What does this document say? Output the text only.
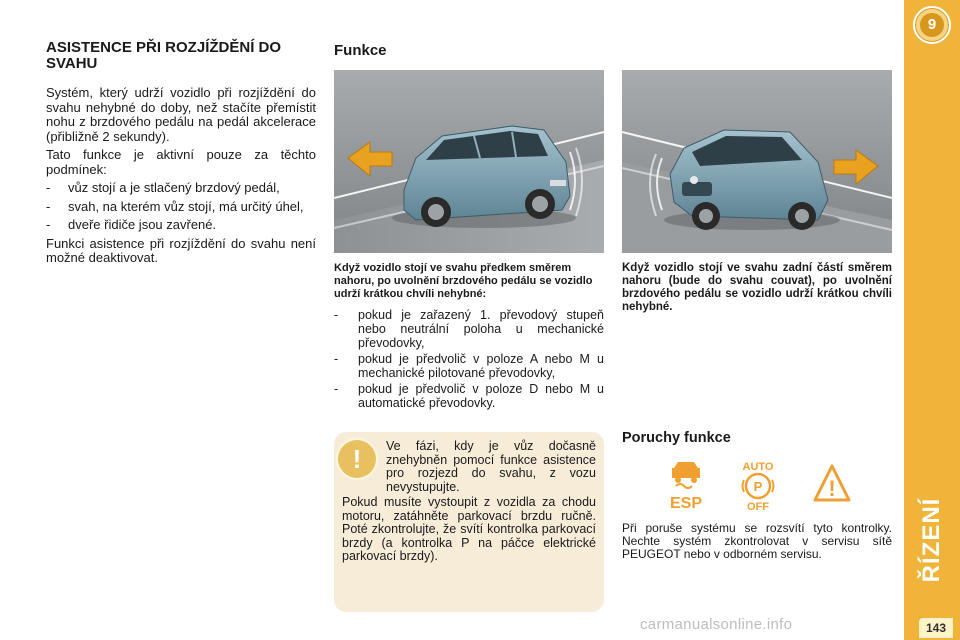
9
ŘÍZENÍ
143
ASISTENCE PŘI ROZJÍŽDĚNÍ DO SVAHU
Systém, který udrží vozidlo při rozjíždění do svahu nehybné do doby, než stačíte přemístit nohu z brzdového pedálu na pedál akcelerace (přibližně 2 sekundy).
Tato funkce je aktivní pouze za těchto podmínek:
-	vůz stojí a je stlačený brzdový pedál,
-	svah, na kterém vůz stojí, má určitý úhel,
-	dveře řidiče jsou zavřené.
Funkci asistence při rozjíždění do svahu není možné deaktivovat.
Funkce
Když vozidlo stojí ve svahu předkem směrem nahoru, po uvolnění brzdového pedálu se vozidlo udrží krátkou chvíli nehybné:
Když vozidlo stojí ve svahu zadní částí směrem nahoru (bude do svahu couvat), po uvolnění brzdového pedálu se vozidlo udrží krátkou chvíli nehybné.
-	pokud je zařazený 1. převodový stupeň nebo neutrální poloha u mechanické převodovky,
-	pokud je předvolič v poloze A nebo M u mechanické pilotované převodovky,
-	pokud je předvolič v poloze D nebo M u automatické převodovky.
!	Ve fázi, kdy je vůz dočasně znehybněn pomocí funkce asistence pro rozjezd do svahu, z vozu nevystupujte.
Pokud musíte vystoupit z vozidla za chodu motoru, zatáhněte parkovací brzdu ručně. Poté zkontrolujte, že svítí kontrolka parkovací brzdy (a kontrolka P na páčce elektrické parkovací brzdy).
Poruchy funkce
ESP
AUTO
P
OFF
!
Při poruše systému se rozsvítí tyto kontrolky. Nechte systém zkontrolovat v servisu sítě PEUGEOT nebo v odborném servisu.
carmanualsonline.info
